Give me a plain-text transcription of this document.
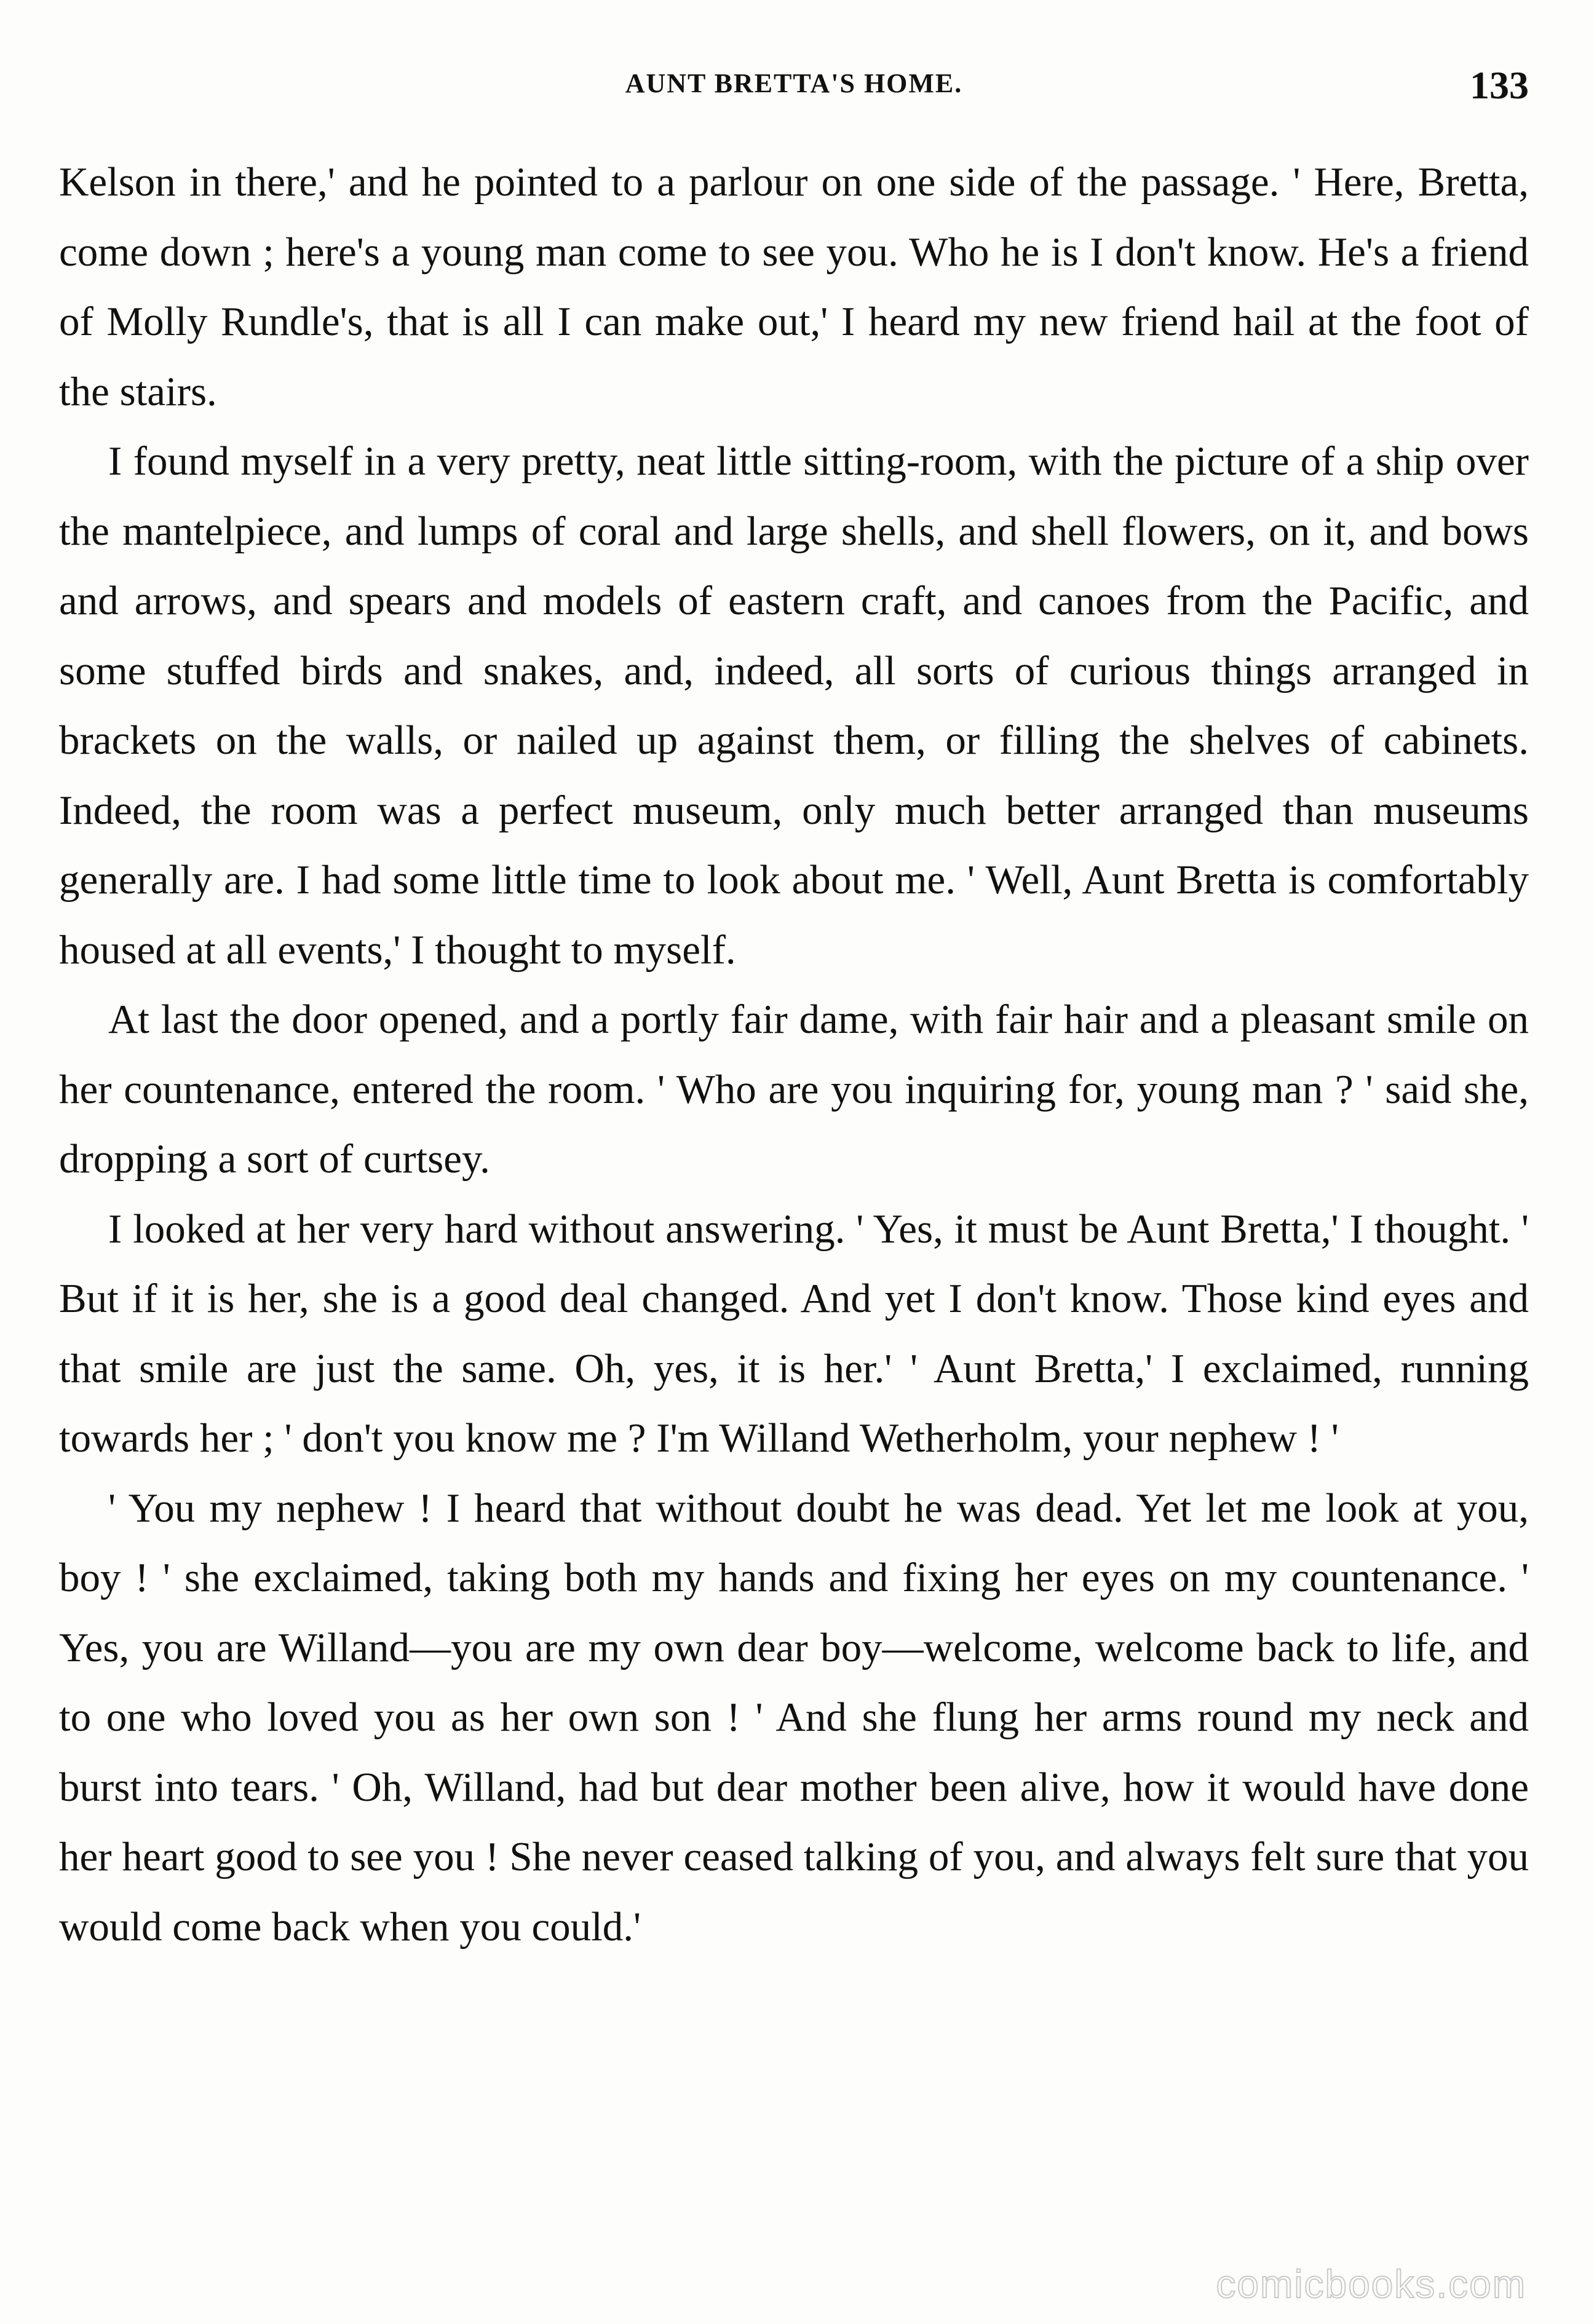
AUNT BRETTA'S HOME.	133

Kelson in there,' and he pointed to a parlour on one side of the passage. ' Here, Bretta, come down ; here's a young man come to see you. Who he is I don't know. He's a friend of Molly Rundle's, that is all I can make out,' I heard my new friend hail at the foot of the stairs.

I found myself in a very pretty, neat little sitting-room, with the picture of a ship over the mantelpiece, and lumps of coral and large shells, and shell flowers, on it, and bows and arrows, and spears and models of eastern craft, and canoes from the Pacific, and some stuffed birds and snakes, and, indeed, all sorts of curious things arranged in brackets on the walls, or nailed up against them, or filling the shelves of cabinets. Indeed, the room was a perfect museum, only much better arranged than museums generally are. I had some little time to look about me. ' Well, Aunt Bretta is comfortably housed at all events,' I thought to myself.

At last the door opened, and a portly fair dame, with fair hair and a pleasant smile on her countenance, entered the room. ' Who are you inquiring for, young man ? ' said she, dropping a sort of curtsey.

I looked at her very hard without answering. ' Yes, it must be Aunt Bretta,' I thought. ' But if it is her, she is a good deal changed. And yet I don't know. Those kind eyes and that smile are just the same. Oh, yes, it is her.' ' Aunt Bretta,' I exclaimed, running towards her ; ' don't you know me ? I'm Willand Wetherholm, your nephew ! '

' You my nephew ! I heard that without doubt he was dead. Yet let me look at you, boy ! ' she exclaimed, taking both my hands and fixing her eyes on my countenance. ' Yes, you are Willand—you are my own dear boy—welcome, welcome back to life, and to one who loved you as her own son ! ' And she flung her arms round my neck and burst into tears. ' Oh, Willand, had but dear mother been alive, how it would have done her heart good to see you ! She never ceased talking of you, and always felt sure that you would come back when you could.'

comicbooks.com
